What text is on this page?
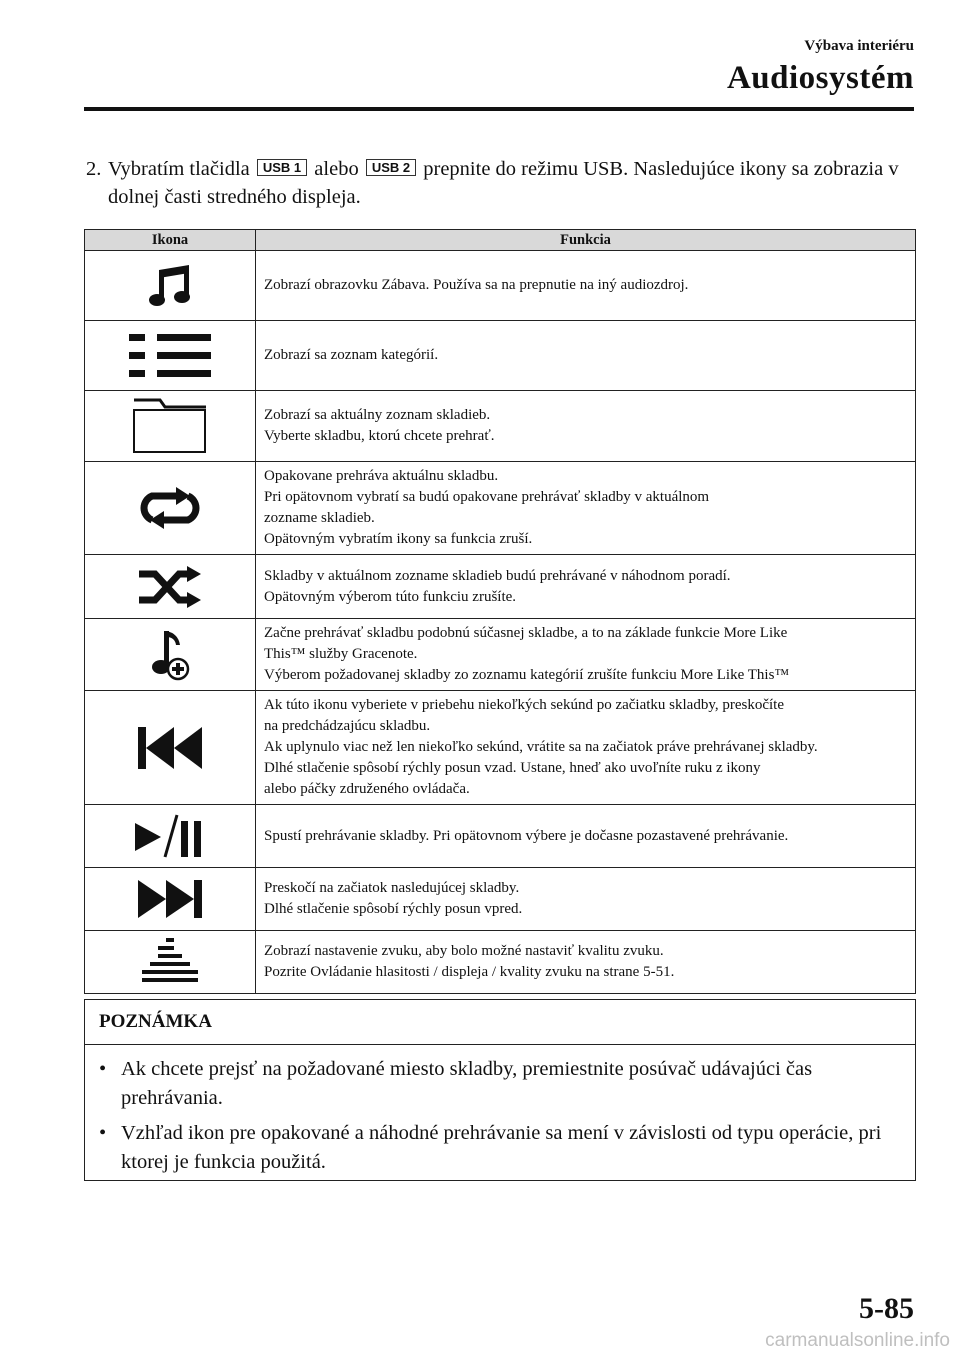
Výbava interiéru
Audiosystém
2. Vybratím tlačidla USB 1 alebo USB 2 prepnite do režimu USB. Nasledujúce ikony sa zobrazia v dolnej časti stredného displeja.
Ikona	Funkcia

Zobrazí obrazovku Zábava. Používa sa na prepnutie na iný audiozdroj.

Zobrazí sa zoznam kategórií.

Zobrazí sa aktuálny zoznam skladieb.
Vyberte skladbu, ktorú chcete prehrať.

Opakovane prehráva aktuálnu skladbu.
Pri opätovnom vybratí sa budú opakovane prehrávať skladby v aktuálnom
zozname skladieb.
Opätovným vybratím ikony sa funkcia zruší.

Skladby v aktuálnom zozname skladieb budú prehrávané v náhodnom poradí.
Opätovným výberom túto funkciu zrušíte.

Začne prehrávať skladbu podobnú súčasnej skladbe, a to na základe funkcie More Like
This™ služby Gracenote.
Výberom požadovanej skladby zo zoznamu kategórií zrušíte funkciu More Like This™

Ak túto ikonu vyberiete v priebehu niekoľkých sekúnd po začiatku skladby, preskočíte
na predchádzajúcu skladbu.
Ak uplynulo viac než len niekoľko sekúnd, vrátite sa na začiatok práve prehrávanej skladby.
Dlhé stlačenie spôsobí rýchly posun vzad. Ustane, hneď ako uvoľníte ruku z ikony
alebo páčky združeného ovládača.

Spustí prehrávanie skladby. Pri opätovnom výbere je dočasne pozastavené prehrávanie.

Preskočí na začiatok nasledujúcej skladby.
Dlhé stlačenie spôsobí rýchly posun vpred.

Zobrazí nastavenie zvuku, aby bolo možné nastaviť kvalitu zvuku.
Pozrite Ovládanie hlasitosti / displeja / kvality zvuku na strane 5-51.
POZNÁMKA
• Ak chcete prejsť na požadované miesto skladby, premiestnite posúvač udávajúci čas prehrávania.
• Vzhľad ikon pre opakované a náhodné prehrávanie sa mení v závislosti od typu operácie, pri ktorej je funkcia použitá.
5-85
carmanualsonline.info
